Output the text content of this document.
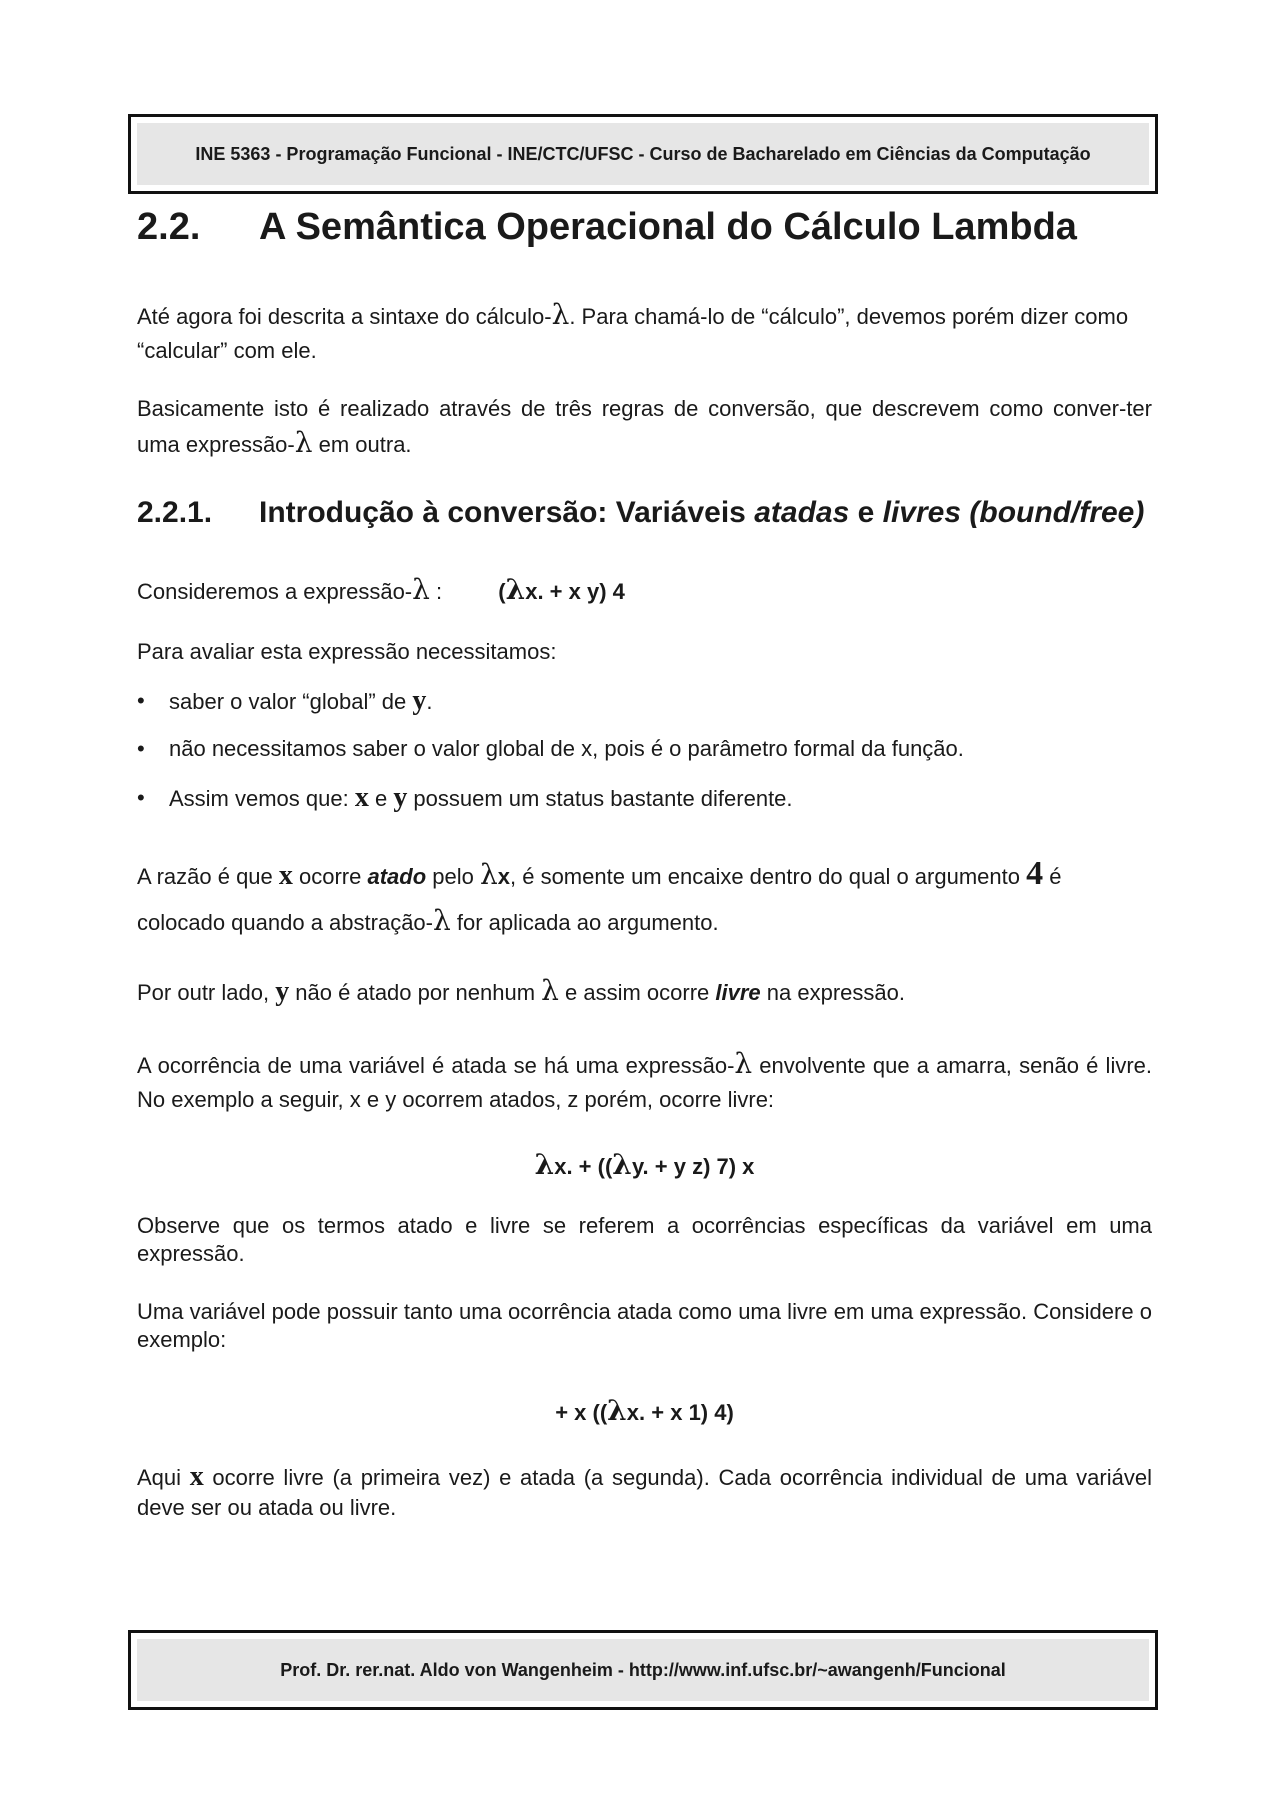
INE 5363 - Programação Funcional - INE/CTC/UFSC - Curso de Bacharelado em Ciências da Computação
2.2. A Semântica Operacional do Cálculo Lambda

Até agora foi descrita a sintaxe do cálculo-λ. Para chamá-lo de “cálculo”, devemos porém dizer como “calcular” com ele.

Basicamente isto é realizado através de três regras de conversão, que descrevem como conver-ter uma expressão-λ em outra.

2.2.1. Introdução à conversão: Variáveis atadas e livres (bound/free)

Consideremos a expressão-λ :	(λx. + x y) 4

Para avaliar esta expressão necessitamos:

• saber o valor “global” de y.
• não necessitamos saber o valor global de x, pois é o parâmetro formal da função.
• Assim vemos que: x e y possuem um status bastante diferente.

A razão é que x ocorre atado pelo λx, é somente um encaixe dentro do qual o argumento 4 é colocado quando a abstração-λ for aplicada ao argumento.

Por outr lado, y não é atado por nenhum λ e assim ocorre livre na expressão.

A ocorrência de uma variável é atada se há uma expressão-λ envolvente que a amarra, senão é livre. No exemplo a seguir, x e y ocorrem atados, z porém, ocorre livre:

λx. + ((λy. + y z) 7) x

Observe que os termos atado e livre se referem a ocorrências específicas da variável em uma expressão.

Uma variável pode possuir tanto uma ocorrência atada como uma livre em uma expressão. Considere o exemplo:

+ x ((λx. + x 1) 4)

Aqui x ocorre livre (a primeira vez) e atada (a segunda). Cada ocorrência individual de uma variável deve ser ou atada ou livre.

Prof. Dr. rer.nat. Aldo von Wangenheim - http://www.inf.ufsc.br/~awangenh/Funcional
